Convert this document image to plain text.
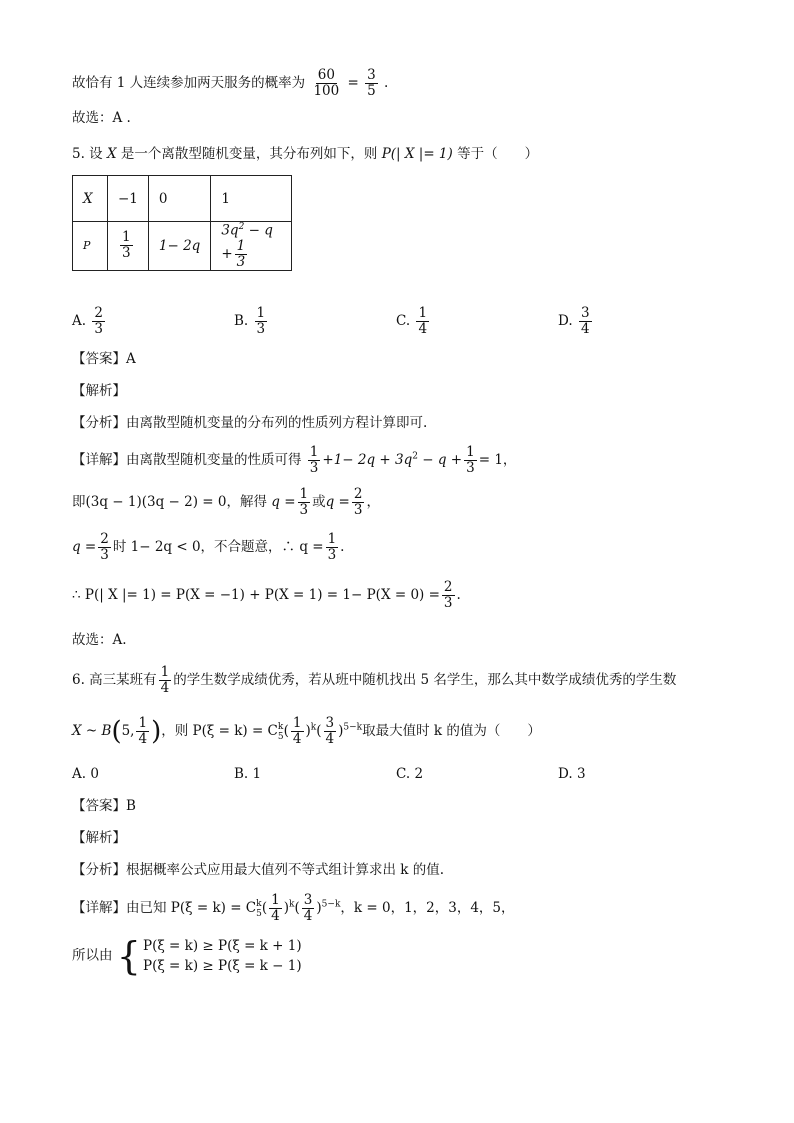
故恰有 1 人连续参加两天服务的概率为 $\frac{60}{100} = \frac{3}{5}$ .
故选：A .
5. 设 X 是一个离散型随机变量，其分布列如下，则 P(| X |= 1) 等于（　　）
X	−1	0	1
P	$\frac{1}{3}$	1− 2q	$3q^2 - q + \frac{1}{3}$
A. $\frac{2}{3}$	B. $\frac{1}{3}$	C. $\frac{1}{4}$	D. $\frac{3}{4}$
【答案】A
【解析】
【分析】由离散型随机变量的分布列的性质列方程计算即可.
【详解】由离散型随机变量的性质可得 $\frac{1}{3} +1- 2q + 3q^2 - q + \frac{1}{3} = 1$，
即(3q − 1)(3q − 2) = 0，解得 $q = \frac{1}{3}$ 或$q = \frac{2}{3}$ ，
$q = \frac{2}{3}$ 时 1− 2q < 0，不合题意，∴ $q = \frac{1}{3}$ .
∴ P(| X |= $1) = P(X = -1) + P(X = 1) = 1- P(X = 0) = \frac{2}{3}$ .
故选：A.
6. 高三某班有 $\frac{1}{4}$ 的学生数学成绩优秀，若从班中随机找出 5 名学生，那么其中数学成绩优秀的学生数
X ~ B(5, $\frac{1}{4}$ )，则 P(ξ = k) = C k
5 ( $\frac{1}{4} )^k( \frac{3}{4} )^{5-k}$取最大值时 k 的值为（　　）
A. 0	B. 1	C. 2	D. 3
【答案】B
【解析】
【分析】根据概率公式应用最大值列不等式组计算求出 k 的值.
【详解】由已知 P(ξ = k) = C k
5 ( $\frac{1}{4} )^k( \frac{3}{4} )^{5-k}$，k = 0，1，2，3，4，5，
所以由 { P(ξ = k) ≥ P(ξ = k + 1)
P(ξ = k) ≥ P(ξ = k − 1)
